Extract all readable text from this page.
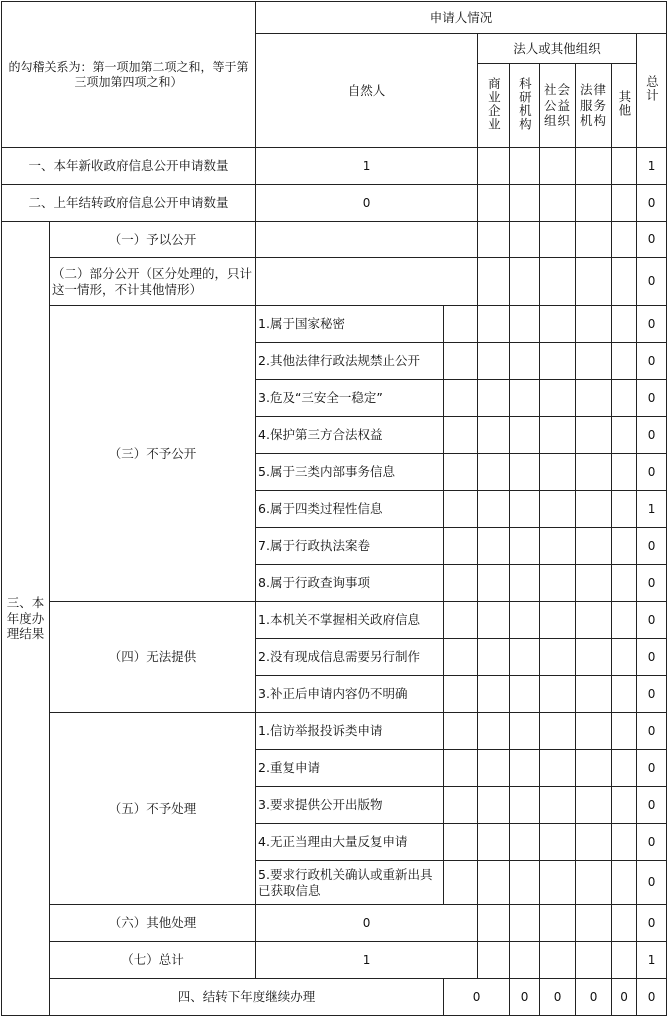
的勾稽关系为：第一项加第二项之和，等于第三项加第四项之和）		申请人情况								
		自然人		法人或其他组织					总计	
				商业企业	科研机构	社会公益组织	法律服务机构	其他		
一、本年新收政府信息公开申请数量		1							1	
二、上年结转政府信息公开申请数量		0							0	
三、本年度办理结果	（一）予以公开								0	
	（二）部分公开（区分处理的，只计这一情形，不计其他情形）								0	
	（三）不予公开	1.属于国家秘密							0	
		2.其他法律行政法规禁止公开							0	
		3.危及“三安全一稳定”							0	
		4.保护第三方合法权益							0	
		5.属于三类内部事务信息							0	
		6.属于四类过程性信息							1	
		7.属于行政执法案卷							0	
		8.属于行政查询事项							0	
	（四）无法提供	1.本机关不掌握相关政府信息							0	
		2.没有现成信息需要另行制作							0	
		3.补正后申请内容仍不明确							0	
	（五）不予处理	1.信访举报投诉类申请							0	
		2.重复申请							0	
		3.要求提供公开出版物							0	
		4.无正当理由大量反复申请							0	
		5.要求行政机关确认或重新出具已获取信息							0	
	（六）其他处理	0							0	
	（七）总计	1							1	
	四、结转下年度继续办理		0		0	0	0	0	0	
